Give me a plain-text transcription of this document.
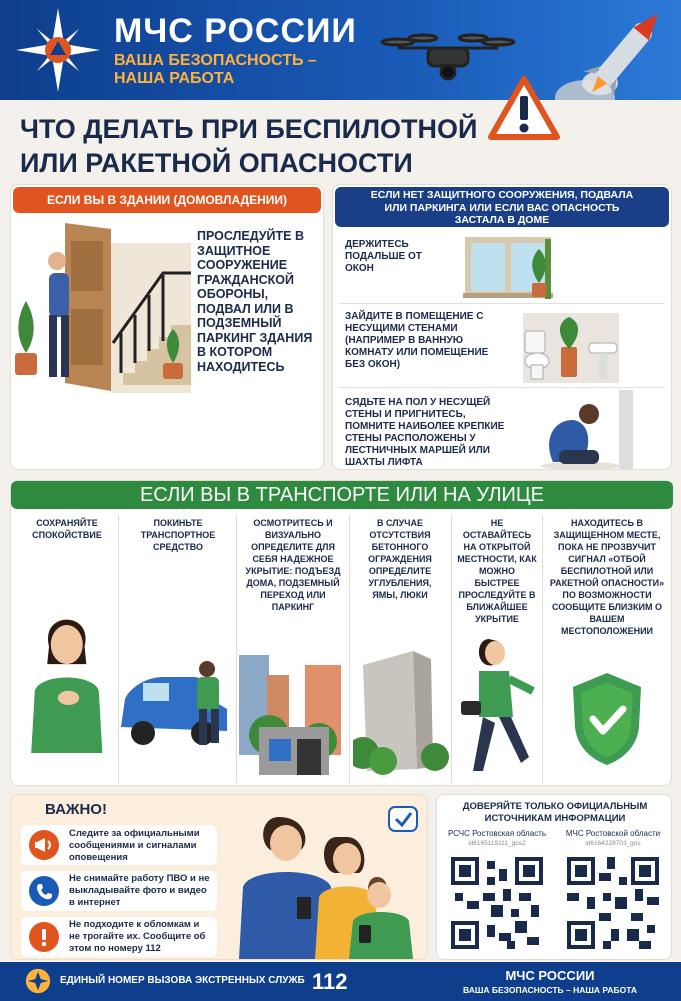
МЧС РОССИИ
ВАША БЕЗОПАСНОСТЬ – НАША РАБОТА
ЧТО ДЕЛАТЬ ПРИ БЕСПИЛОТНОЙ ИЛИ РАКЕТНОЙ ОПАСНОСТИ
ЕСЛИ ВЫ В ЗДАНИИ (ДОМОВЛАДЕНИИ)
ПРОСЛЕДУЙТЕ В ЗАЩИТНОЕ СООРУЖЕНИЕ ГРАЖДАНСКОЙ ОБОРОНЫ, ПОДВАЛ ИЛИ В ПОДЗЕМНЫЙ ПАРКИНГ ЗДАНИЯ В КОТОРОМ НАХОДИТЕСЬ
ЕСЛИ НЕТ ЗАЩИТНОГО СООРУЖЕНИЯ, ПОДВАЛА ИЛИ ПАРКИНГА ИЛИ ЕСЛИ ВАС ОПАСНОСТЬ ЗАСТАЛА В ДОМЕ
ДЕРЖИТЕСЬ ПОДАЛЬШЕ ОТ ОКОН
ЗАЙДИТЕ В ПОМЕЩЕНИЕ С НЕСУЩИМИ СТЕНАМИ (НАПРИМЕР В ВАННУЮ КОМНАТУ ИЛИ ПОМЕЩЕНИЕ БЕЗ ОКОН)
СЯДЬТЕ НА ПОЛ У НЕСУЩЕЙ СТЕНЫ И ПРИГНИТЕСЬ, ПОМНИТЕ НАИБОЛЕЕ КРЕПКИЕ СТЕНЫ РАСПОЛОЖЕНЫ У ЛЕСТНИЧНЫХ МАРШЕЙ ИЛИ ШАХТЫ ЛИФТА
ЕСЛИ ВЫ В ТРАНСПОРТЕ ИЛИ НА УЛИЦЕ
СОХРАНЯЙТЕ СПОКОЙСТВИЕ
ПОКИНЬТЕ ТРАНСПОРТНОЕ СРЕДСТВО
ОСМОТРИТЕСЬ И ВИЗУАЛЬНО ОПРЕДЕЛИТЕ ДЛЯ СЕБЯ НАДЕЖНОЕ УКРЫТИЕ: ПОДЪЕЗД ДОМА, ПОДЗЕМНЫЙ ПЕРЕХОД ИЛИ ПАРКИНГ
В СЛУЧАЕ ОТСУТСТВИЯ БЕТОННОГО ОГРАЖДЕНИЯ ОПРЕДЕЛИТЕ УГЛУБЛЕНИЯ, ЯМЫ, ЛЮКИ
НЕ ОСТАВАЙТЕСЬ НА ОТКРЫТОЙ МЕСТНОСТИ, КАК МОЖНО БЫСТРЕЕ ПРОСЛЕДУЙТЕ В БЛИЖАЙШЕЕ УКРЫТИЕ
НАХОДИТЕСЬ В ЗАЩИЩЕННОМ МЕСТЕ, ПОКА НЕ ПРОЗВУЧИТ СИГНАЛ «ОТБОЙ БЕСПИЛОТНОЙ ИЛИ РАКЕТНОЙ ОПАСНОСТИ» ПО ВОЗМОЖНОСТИ СООБЩИТЕ БЛИЗКИМ О ВАШЕМ МЕСТОПОЛОЖЕНИИ
ВАЖНО!
Следите за официальными сообщениями и сигналами оповещения
Не снимайте работу ПВО и не выкладывайте фото и видео в интернет
Не подходите к обломкам и не трогайте их. Сообщите об этом по номеру 112
ДОВЕРЯЙТЕ ТОЛЬКО ОФИЦИАЛЬНЫМ ИСТОЧНИКАМ ИНФОРМАЦИИ
РСЧС Ростовская область
id6165119111_gos2
МЧС Ростовской области
id6164228703_gos
ЕДИНЫЙ НОМЕР ВЫЗОВА ЭКСТРЕННЫХ СЛУЖБ 112	МЧС РОССИИ
ВАША БЕЗОПАСНОСТЬ – НАША РАБОТА
